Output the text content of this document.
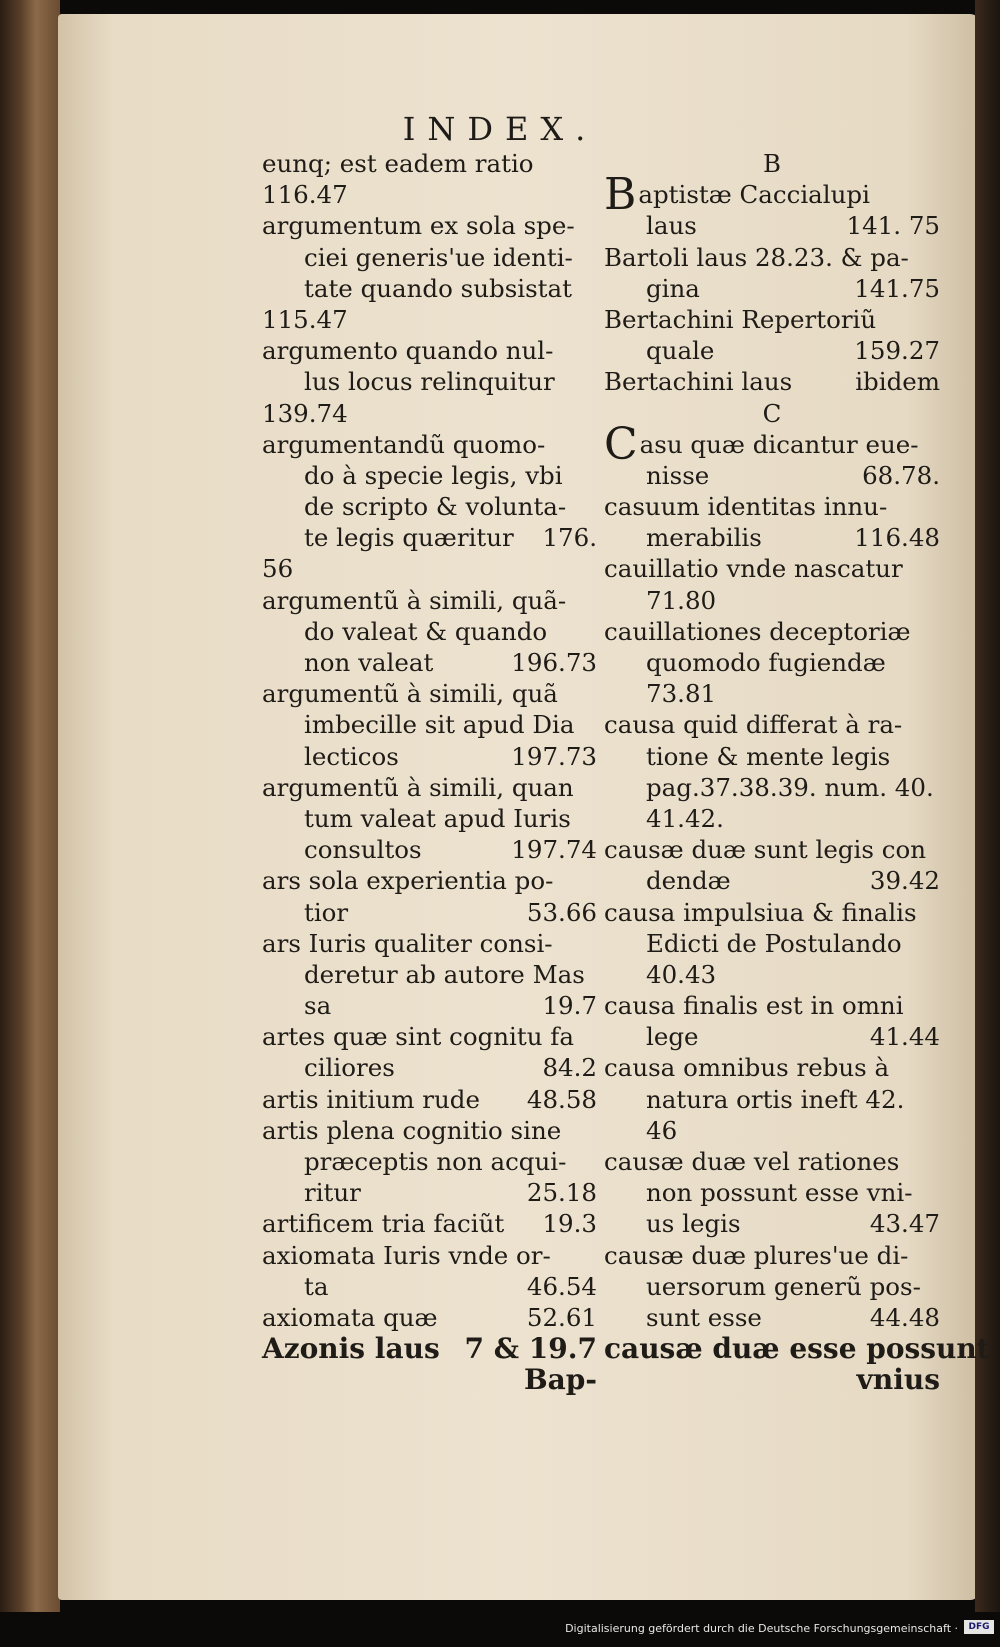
INDEX.
eunq; est eadem ratio
116.47
argumentum ex sola spe-
ciei generis'ue identi-
tate quando subsistat
115.47
argumento quando nul-
lus locus relinquitur
139.74
argumentandũ quomo-
do à specie legis, vbi
de scripto & volunta-
te legis quæritur 176.
56
argumentũ à simili, quã-
do valeat & quando
non valeat	196.73
argumentũ à simili, quã
imbecille sit apud Dia
lecticos	197.73
argumentũ à simili, quan
tum valeat apud Iuris
consultos	197.74
ars sola experientia po-
tior	53.66
ars Iuris qualiter consi-
deretur ab autore Mas
sa	19.7
artes quæ sint cognitu fa
ciliores	84.2
artis initium rude 48.58
artis plena cognitio sine
præceptis non acqui-
ritur	25.18
artificem tria faciũt 19.3
axiomata Iuris vnde or-
ta	46.54
axiomata quæ	52.61
Azonis laus 7 & 19.7
Bap-
B
Baptistæ Caccialupi
laus	141. 75
Bartoli laus 28.23. & pa-
gina	141.75
Bertachini Repertoriũ
quale	159.27
Bertachini laus	ibidem
C
Casu quæ dicantur eue-
nisse	68.78.
casuum identitas innu-
merabilis	116.48
cauillatio vnde nascatur
71.80
cauillationes deceptoriæ
quomodo fugiendæ
73.81
causa quid differat à ra-
tione & mente legis
pag.37.38.39. num. 40.
41.42.
causæ duæ sunt legis con
dendæ	39.42
causa impulsiua & finalis
Edicti de Postulando
40.43
causa finalis est in omni
lege	41.44
causa omnibus rebus à
natura ortis ineft 42.
46
causæ duæ vel rationes
non possunt esse vni-
us legis	43.47
causæ duæ plures'ue di-
uersorum generũ pos-
sunt esse	44.48
causæ duæ esse possunt
vnius
Digitalisierung gefördert durch die Deutsche Forschungsgemeinschaft ·	DFG
